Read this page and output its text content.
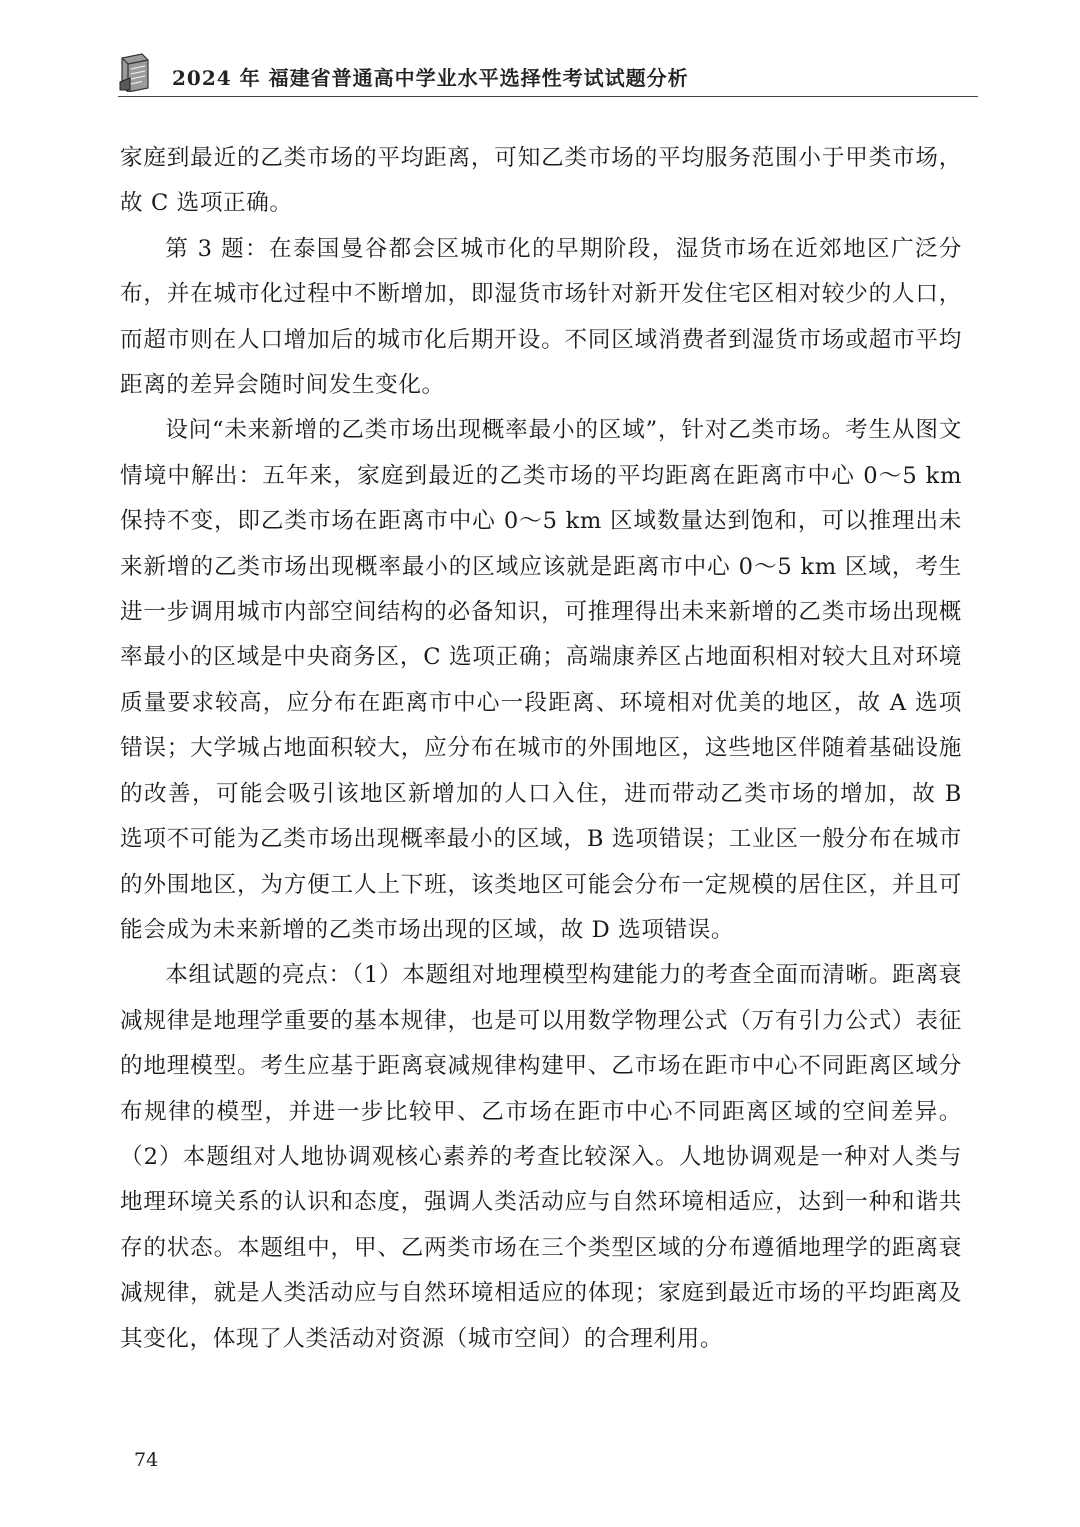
2024 年 福建省普通高中学业水平选择性考试试题分析

家庭到最近的乙类市场的平均距离，可知乙类市场的平均服务范围小于甲类市场，故 C 选项正确。

第 3 题：在泰国曼谷都会区城市化的早期阶段，湿货市场在近郊地区广泛分布，并在城市化过程中不断增加，即湿货市场针对新开发住宅区相对较少的人口，而超市则在人口增加后的城市化后期开设。不同区域消费者到湿货市场或超市平均距离的差异会随时间发生变化。

设问“未来新增的乙类市场出现概率最小的区域”，针对乙类市场。考生从图文情境中解出：五年来，家庭到最近的乙类市场的平均距离在距离市中心 0～5 km 保持不变，即乙类市场在距离市中心 0～5 km 区域数量达到饱和，可以推理出未来新增的乙类市场出现概率最小的区域应该就是距离市中心 0～5 km 区域，考生进一步调用城市内部空间结构的必备知识，可推理得出未来新增的乙类市场出现概率最小的区域是中央商务区，C 选项正确；高端康养区占地面积相对较大且对环境质量要求较高，应分布在距离市中心一段距离、环境相对优美的地区，故 A 选项错误；大学城占地面积较大，应分布在城市的外围地区，这些地区伴随着基础设施的改善，可能会吸引该地区新增加的人口入住，进而带动乙类市场的增加，故 B 选项不可能为乙类市场出现概率最小的区域，B 选项错误；工业区一般分布在城市的外围地区，为方便工人上下班，该类地区可能会分布一定规模的居住区，并且可能会成为未来新增的乙类市场出现的区域，故 D 选项错误。

本组试题的亮点：（1）本题组对地理模型构建能力的考查全面而清晰。距离衰减规律是地理学重要的基本规律，也是可以用数学物理公式（万有引力公式）表征的地理模型。考生应基于距离衰减规律构建甲、乙市场在距市中心不同距离区域分布规律的模型，并进一步比较甲、乙市场在距市中心不同距离区域的空间差异。（2）本题组对人地协调观核心素养的考查比较深入。人地协调观是一种对人类与地理环境关系的认识和态度，强调人类活动应与自然环境相适应，达到一种和谐共存的状态。本题组中，甲、乙两类市场在三个类型区域的分布遵循地理学的距离衰减规律，就是人类活动应与自然环境相适应的体现；家庭到最近市场的平均距离及其变化，体现了人类活动对资源（城市空间）的合理利用。

74
